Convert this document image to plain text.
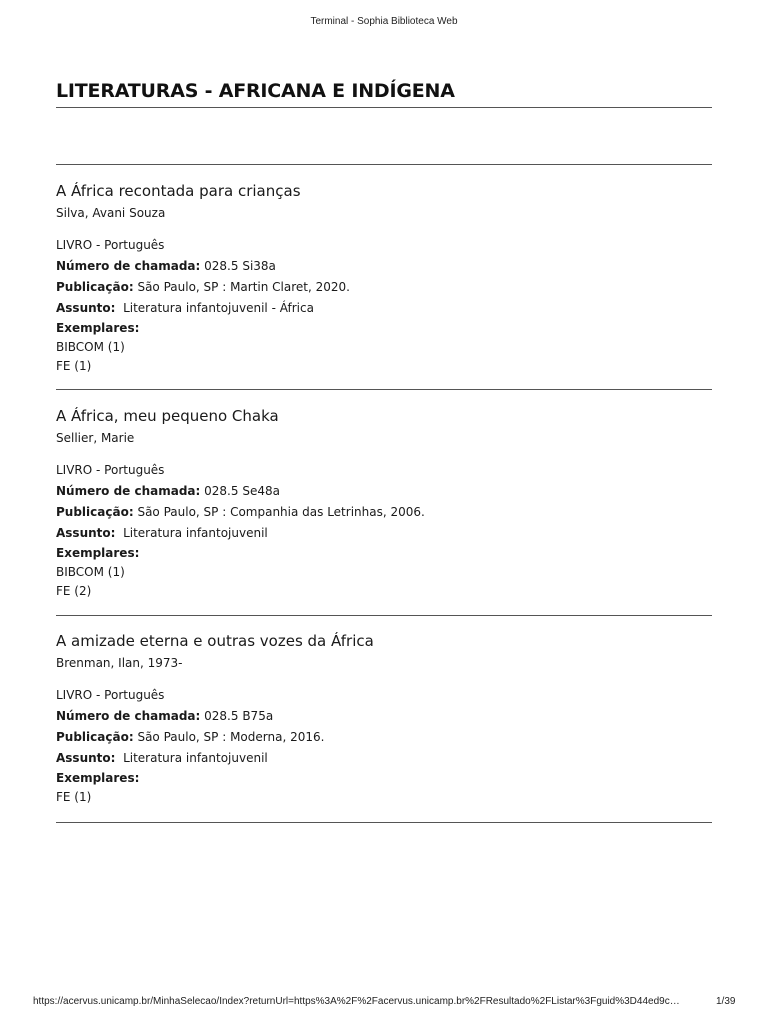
Terminal - Sophia Biblioteca Web
LITERATURAS - AFRICANA E INDÍGENA
A África recontada para crianças
Silva, Avani Souza
LIVRO - Português
Número de chamada: 028.5 Si38a
Publicação: São Paulo, SP : Martin Claret, 2020.
Assunto: Literatura infantojuvenil - África
Exemplares:
BIBCOM (1)
FE (1)
A África, meu pequeno Chaka
Sellier, Marie
LIVRO - Português
Número de chamada: 028.5 Se48a
Publicação: São Paulo, SP : Companhia das Letrinhas, 2006.
Assunto: Literatura infantojuvenil
Exemplares:
BIBCOM (1)
FE (2)
A amizade eterna e outras vozes da África
Brenman, Ilan, 1973-
LIVRO - Português
Número de chamada: 028.5 B75a
Publicação: São Paulo, SP : Moderna, 2016.
Assunto: Literatura infantojuvenil
Exemplares:
FE (1)
https://acervus.unicamp.br/MinhaSelecao/Index?returnUrl=https%3A%2F%2Facervus.unicamp.br%2FResultado%2FListar%3Fguid%3D44ed9c…	1/39
